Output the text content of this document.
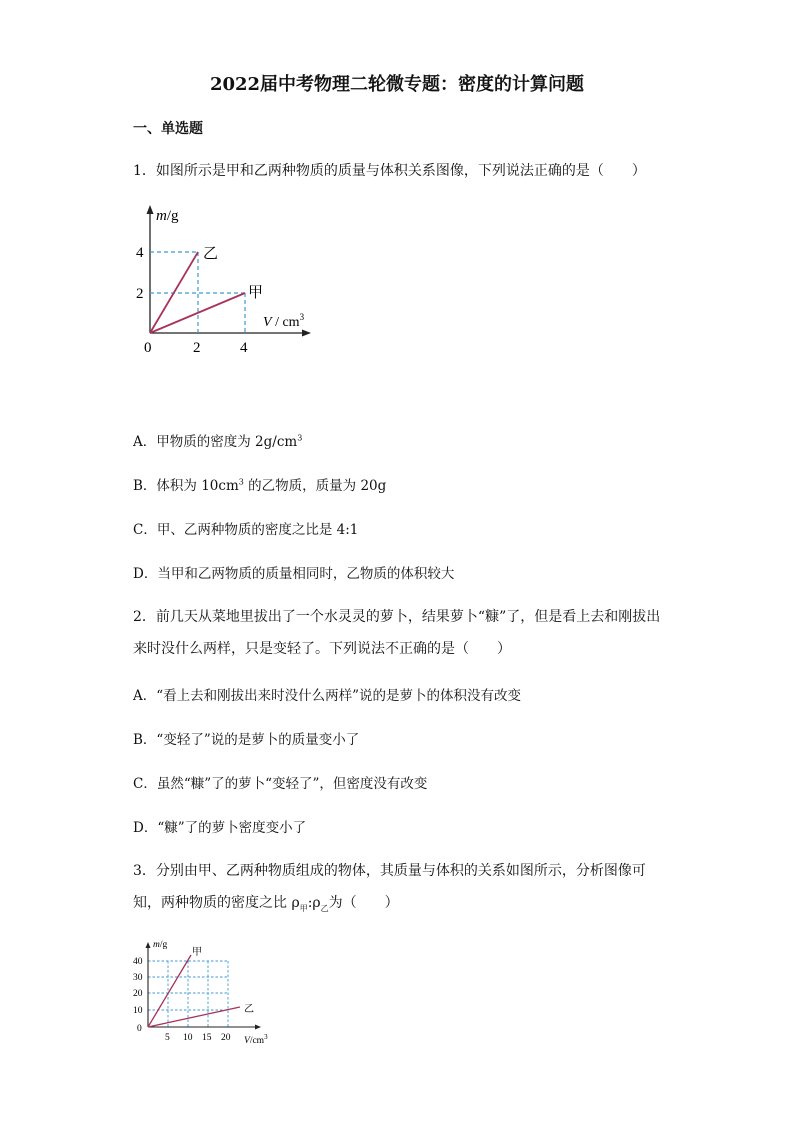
2022届中考物理二轮微专题：密度的计算问题
一、单选题
1．如图所示是甲和乙两种物质的质量与体积关系图像，下列说法正确的是（　　）
m/g
4
2
0	2	4
乙
甲
V / $cm^3$
A．甲物质的密度为 $2g/cm^3$
B．体积为 $10cm^3$ 的乙物质，质量为 20g
C．甲、乙两种物质的密度之比是 4:1
D．当甲和乙两物质的质量相同时，乙物质的体积较大
2．前几天从菜地里拔出了一个水灵灵的萝卜，结果萝卜“糠”了，但是看上去和刚拔出
来时没什么两样，只是变轻了。下列说法不正确的是（　　）
A．“看上去和刚拔出来时没什么两样”说的是萝卜的体积没有改变
B．“变轻了”说的是萝卜的质量变小了
C．虽然“糠”了的萝卜“变轻了”，但密度没有改变
D．“糠”了的萝卜密度变小了
3．分别由甲、乙两种物质组成的物体，其质量与体积的关系如图所示，分析图像可
知，两种物质的密度之比 $\rho_甲:\rho_乙$为（　　）
m/g
甲
乙
40
30
20
10
0
5 10 15 20 $V/cm^3$
